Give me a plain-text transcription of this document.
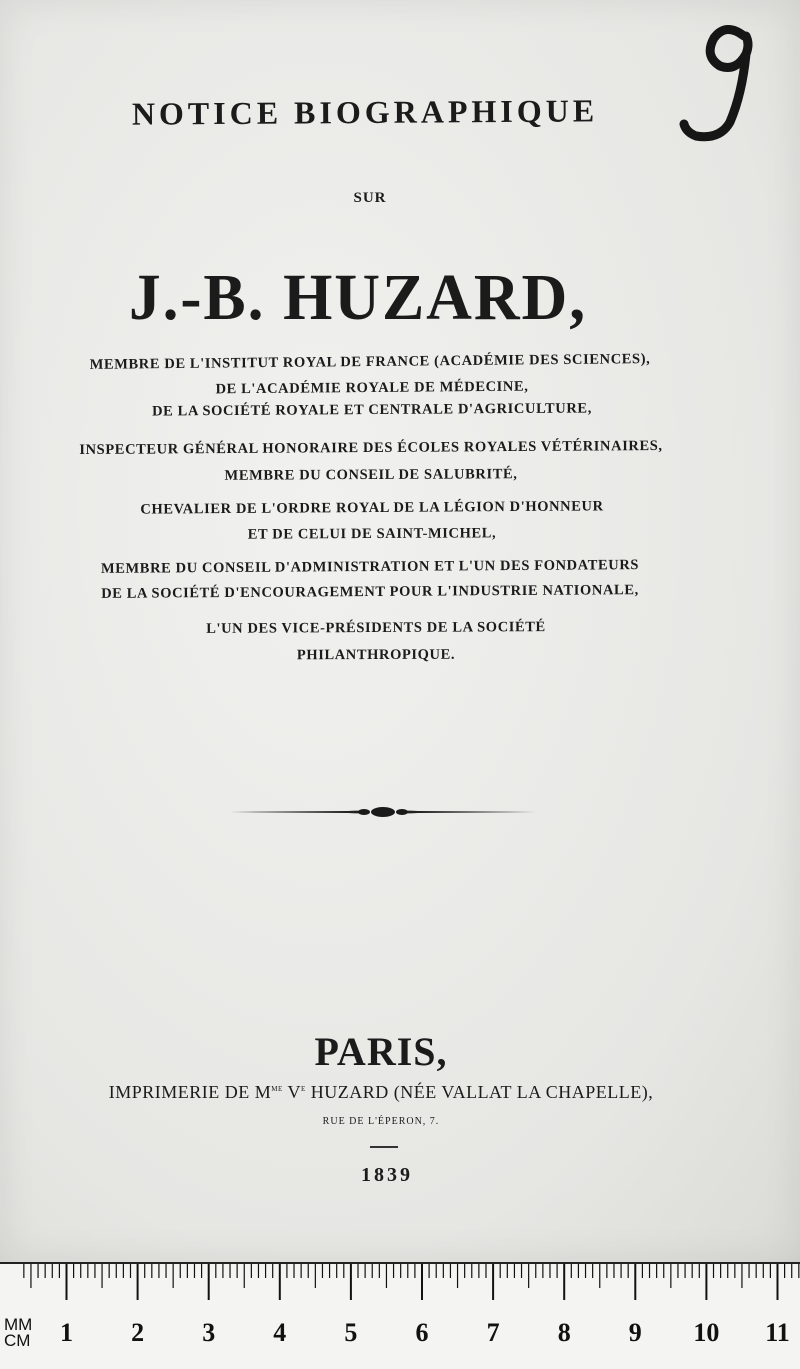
NOTICE BIOGRAPHIQUE
SUR
J.-B. HUZARD,
MEMBRE DE L'INSTITUT ROYAL DE FRANCE (ACADÉMIE DES SCIENCES),
DE L'ACADÉMIE ROYALE DE MÉDECINE,
DE LA SOCIÉTÉ ROYALE ET CENTRALE D'AGRICULTURE,
INSPECTEUR GÉNÉRAL HONORAIRE DES ÉCOLES ROYALES VÉTÉRINAIRES,
MEMBRE DU CONSEIL DE SALUBRITÉ,
CHEVALIER DE L'ORDRE ROYAL DE LA LÉGION D'HONNEUR
ET DE CELUI DE SAINT-MICHEL,
MEMBRE DU CONSEIL D'ADMINISTRATION ET L'UN DES FONDATEURS
DE LA SOCIÉTÉ D'ENCOURAGEMENT POUR L'INDUSTRIE NATIONALE,
L'UN DES VICE-PRÉSIDENTS DE LA SOCIÉTÉ
PHILANTHROPIQUE.
PARIS,
IMPRIMERIE DE $M^{me}$ Ve HUZARD (NÉE VALLAT LA CHAPELLE),
RUE DE L'ÉPERON, 7.
1839
MM
CM 1 2 3 4 5 6 7 8 9 10 11
